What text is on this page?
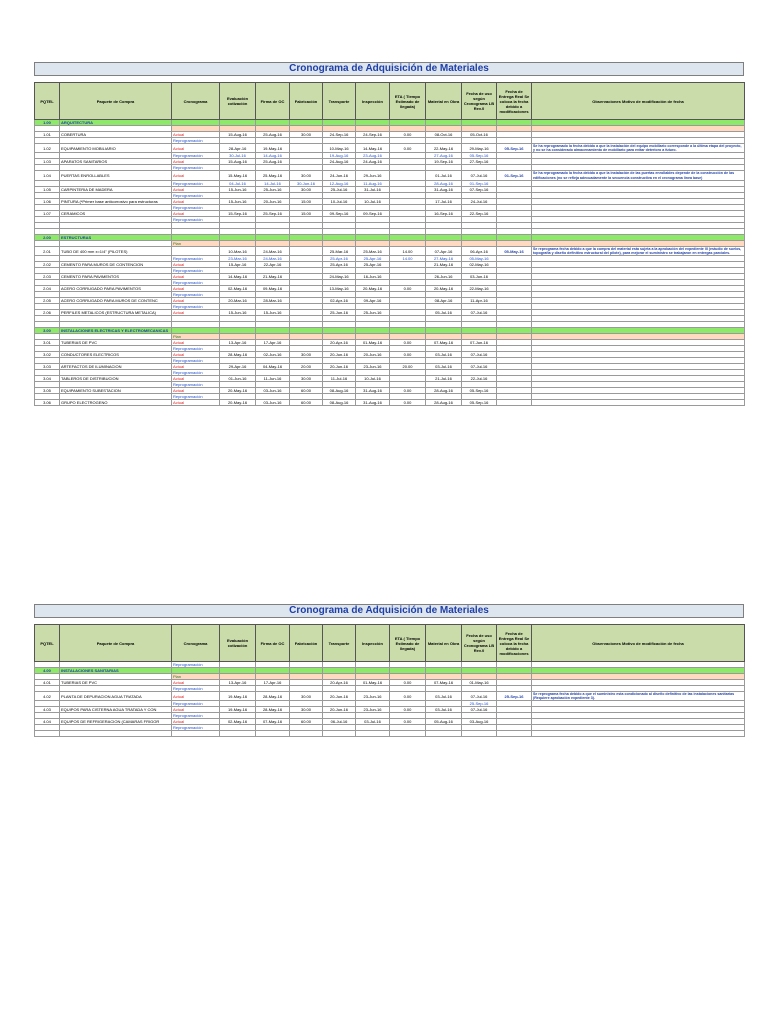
Cronograma de Adquisición de Materiales
PQTEL	Paquete de Compra	Cronograma	Evaluación cotización	Firma de OC	Fabricación	Transporte	Inspección	ETA ( Tiempo Estimado de llegada)	Material en Obra	Fecha de uso según Cronograma LB Rev.0	Fecha de Entrega Real Se coloca la fecha debido a modificaciones	Observaciones Motivo de modificación de fecha
1.00	ARQUITECTURA											

1.01	COBERTURA	Actual	15-Aug-16	25-Aug-16	30.00	24-Sep-16	24-Sep-16	0.00	08-Oct-16	05-Oct-16		
		Reprogramación										
1.02	EQUIPAMIENTO MOBILIARIO	Actual	28-Apr-16	19-May-16		10-May-16	14-May-16	0.00	22-May-16	29-May-16	05-Sep-16	Se ha reprogramado la fecha debido a que la instalación del equipo mobiliario corresponde a la última etapa del proyecto, y no se ha considerado almacenamiento de mobiliario para evitar deterioro a futuro.
		Reprogramación	30-Jul-16	14-Aug-16		19-Aug-16	23-Aug-16		27-Aug-16	05-Sep-16		
1.03	APARATOS SANITARIOS	Actual	15-Aug-16	25-Aug-16		24-Aug-16	24-Aug-16		19-Sep-16	27-Sep-16		
		Reprogramación										
1.04	PUERTAS ENROLLABLES	Actual	15-May-16	25-May-16	30.00	24-Jun-16	29-Jun-16		01-Jul-16	07-Jul-16	01-Sep-16	Se ha reprogramado la fecha debido a que la instalación de las puertas enrollables depende de la construcción de las edificaciones (no se refleja adecuadamente la secuencia constructiva en el cronograma línea base)
		Reprogramación	04-Jul-16	14-Jul-16	30-Jun-16	12-Aug-16	11-Aug-16		28-Aug-16	01-Sep-16		
1.05	CARPINTERIA DE MADERA	Actual	15-Jun-16	25-Jun-16	30.00	25-Jul-16	31-Jul-16		31-Aug-16	07-Sep-16		
		Reprogramación										
1.06	PINTURA (*Primer base anticorrosivo para estructuras	Actual	15-Jun-16	20-Jun-16	15.00	10-Jul-16	10-Jul-16		17-Jul-16	24-Jul-16		
		Reprogramación										
1.07	CERAMICOS	Actual	15-Sep-16	25-Sep-16	15.00	09-Sep-16	09-Sep-16		16-Sep-16	22-Sep-16		
		Reprogramación										

2.00	ESTRUCTURAS											
		Plan										
2.01	TUBO DE 400 mm x=1/4" (PILOTES)		10-Mar-16	24-Mar-16		25-Mar-16	25-Mar-16	14.00	07-Apr-16	06-Apr-16	05-May-16	Se reprograma fecha debido a que la compra del material esta sujeta a la aprobación del expediente III (estudio de suelos, topografía y diseño definitivo estructural del pilote), para mejorar el suministro se trabajaron en entregas parciales.
		Reprogramación	23-Mar-16	24-Mar-16		25-Apr-16	25-Apr-16	14.00	27-May-16	05-May-16		
2.02	CEMENTO PARA MUROS DE CONTENCION	Actual	15-Apr-16	22-Apr-16		25-Apr-16	25-Apr-16		21-May-16	02-May-16		
		Reprogramación										
2.03	CEMENTO PARA PAVIMENTOS	Actual	14-May-16	21-May-16		24-May-16	16-Jun-16		26-Jun-16	03-Jun-16		
		Reprogramación										
2.04	ACERO CORRUGADO PARA PAVIMENTOS	Actual	02-May-16	09-May-16		13-May-16	20-May-16	0.00	20-May-16	22-May-16		
		Reprogramación										
2.05	ACERO CORRUGADO PARA MUROS DE CONTENC	Actual	20-Mar-16	28-Mar-16		02-Apr-16	09-Apr-16		08-Apr-16	11-Apr-16		
		Reprogramación										
2.06	PERFILES METALICOS (ESTRUCTURA METALICA)	Actual	15-Jun-16	15-Jun-16		25-Jun-16	25-Jun-16		05-Jul-16	07-Jul-16		

3.00	INSTALACIONES ELECTRICAS Y ELECTROMECANICAS											
		Plan										
3.01	TUBERIAS DE PVC	Actual	13-Apr-16	17-Apr-16		20-Apr-16	01-May-16	0.00	07-May-16	07-Jun-16		
		Reprogramación										
3.02	CONDUCTORES ELECTRICOS	Actual	28-May-16	02-Jun-16	30.00	20-Jun-16	20-Jun-16	0.00	03-Jul-16	07-Jul-16		
		Reprogramación										
3.03	ARTEFACTOS DE ILUMINACION	Actual	29-Apr-16	04-May-16	20.00	20-Jun-16	23-Jun-16	20.00	03-Jul-16	07-Jul-16		
		Reprogramación										
3.04	TABLEROS DE DISTRIBUCION	Actual	01-Jun-16	11-Jun-16	30.00	11-Jul-16	10-Jul-16		21-Jul-16	22-Jul-16		
		Reprogramación										
3.05	EQUIPAMIENTO SUBESTACION	Actual	20-May-16	03-Jun-16	60.00	08-Aug-16	31-Aug-16	0.00	28-Aug-16	05-Sep-16		
		Reprogramación										
3.06	GRUPO ELECTROGENO	Actual	20-May-16	03-Jun-16	60.00	08-Aug-16	31-Aug-16	0.00	28-Aug-16	05-Sep-16		
Cronograma de Adquisición de Materiales
PQTEL	Paquete de Compra	Cronograma	Evaluación cotización	Firma de OC	Fabricación	Transporte	Inspección	ETA ( Tiempo Estimado de llegada)	Material en Obra	Fecha de uso según Cronograma LB Rev.0	Fecha de Entrega Real Se coloca la fecha debido a modificaciones	Observaciones Motivo de modificación de fecha
		Reprogramación										
4.00	INSTALACIONES SANITARIAS											
		Plan										
4.01	TUBERIAS DE PVC	Actual	13-Apr-16	17-Apr-16		20-Apr-16	01-May-16	0.00	07-May-16	01-May-16		
		Reprogramación										
4.02	PLANTA DE DEPURACION AGUA TRATADA	Actual	19-May-16	28-May-16	30.00	20-Jun-16	23-Jun-16	0.00	03-Jul-16	07-Jul-16	25-Sep-16	Se reprograma fecha debido a que el suministro esta condicionado al diseño definitivo de las instalaciones sanitarias (Requiere aprobación expediente 3).
		Reprogramación								25-Sep-16		
4.03	EQUIPOS PARA CISTERNA AGUA TRATADA Y CON	Actual	19-May-16	28-May-16	30.00	20-Jun-16	23-Jun-16	0.00	03-Jul-16	07-Jul-16		
		Reprogramación										
4.04	EQUIPOS DE REFRIGERACION (CAMARAS FRIGOR	Actual	02-May-16	07-May-16	60.00	06-Jul-16	03-Jul-16	0.00	05-Aug-16	03-Aug-16		
		Reprogramación										
